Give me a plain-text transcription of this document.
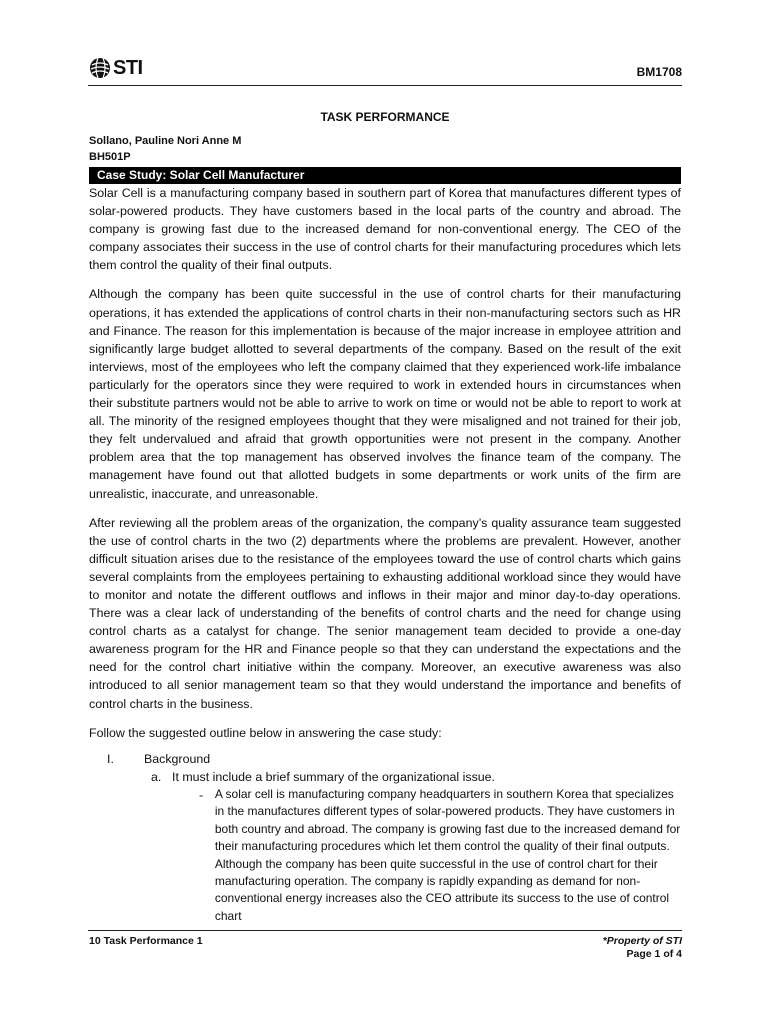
STI	BM1708
TASK PERFORMANCE
Sollano, Pauline Nori Anne M
BH501P
Case Study: Solar Cell Manufacturer

Solar Cell is a manufacturing company based in southern part of Korea that manufactures different types of solar-powered products. They have customers based in the local parts of the country and abroad. The company is growing fast due to the increased demand for non-conventional energy. The CEO of the company associates their success in the use of control charts for their manufacturing procedures which lets them control the quality of their final outputs.

Although the company has been quite successful in the use of control charts for their manufacturing operations, it has extended the applications of control charts in their non-manufacturing sectors such as HR and Finance. The reason for this implementation is because of the major increase in employee attrition and significantly large budget allotted to several departments of the company. Based on the result of the exit interviews, most of the employees who left the company claimed that they experienced work-life imbalance particularly for the operators since they were required to work in extended hours in circumstances when their substitute partners would not be able to arrive to work on time or would not be able to report to work at all. The minority of the resigned employees thought that they were misaligned and not trained for their job, they felt undervalued and afraid that growth opportunities were not present in the company. Another problem area that the top management has observed involves the finance team of the company. The management have found out that allotted budgets in some departments or work units of the firm are unrealistic, inaccurate, and unreasonable.

After reviewing all the problem areas of the organization, the company’s quality assurance team suggested the use of control charts in the two (2) departments where the problems are prevalent. However, another difficult situation arises due to the resistance of the employees toward the use of control charts which gains several complaints from the employees pertaining to exhausting additional workload since they would have to monitor and notate the different outflows and inflows in their major and minor day-to-day operations. There was a clear lack of understanding of the benefits of control charts and the need for change using control charts as a catalyst for change. The senior management team decided to provide a one-day awareness program for the HR and Finance people so that they can understand the expectations and the need for the control chart initiative within the company. Moreover, an executive awareness was also introduced to all senior management team so that they would understand the importance and benefits of control charts in the business.

Follow the suggested outline below in answering the case study:

I.	Background
a. It must include a brief summary of the organizational issue.
- A solar cell is manufacturing company headquarters in southern Korea that specializes in the manufactures different types of solar-powered products. They have customers in both country and abroad. The company is growing fast due to the increased demand for their manufacturing procedures which let them control the quality of their final outputs. Although the company has been quite successful in the use of control chart for their manufacturing operation. The company is rapidly expanding as demand for non-conventional energy increases also the CEO attribute its success to the use of control chart
10 Task Performance 1	*Property of STI
Page 1 of 4
